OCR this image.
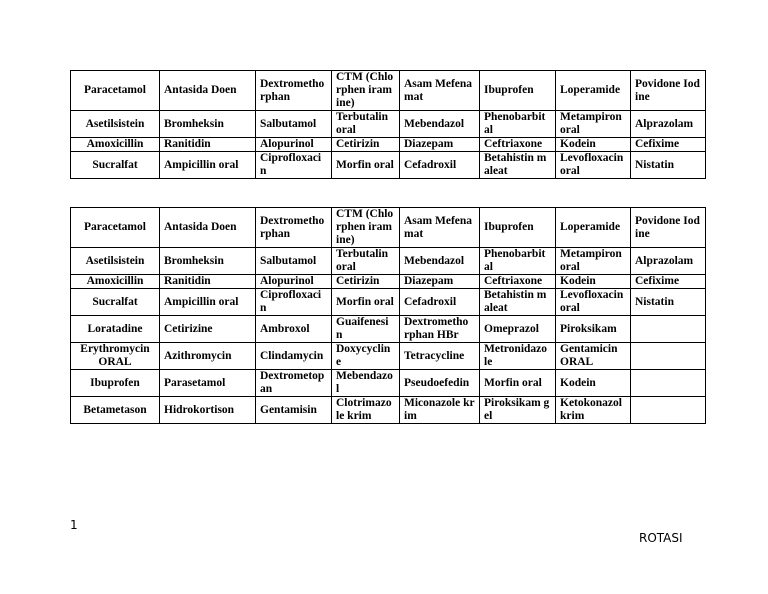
Paracetamol	Antasida Doen	Dextrometho rphan	CTM (Chlorphen iramine)	Asam Mefenamat	Ibuprofen	Loperamide	Povidone Iodine
Asetilsistein	Bromheksin	Salbutamol	Terbutalin oral	Mebendazol	Phenobarbit al	Metampiron oral	Alprazolam
Amoxicillin	Ranitidin	Alopurinol	Cetirizin	Diazepam	Ceftriaxone	Kodein	Cefixime
Sucralfat	Ampicillin oral	Ciprofloxaci n	Morfin oral	Cefadroxil	Betahistin maleat	Levofloxacin oral	Nistatin
Paracetamol	Antasida Doen	Dextrometho rphan	CTM (Chlorphen iramine)	Asam Mefenamat	Ibuprofen	Loperamide	Povidone Iodine
Asetilsistein	Bromheksin	Salbutamol	Terbutalin oral	Mebendazol	Phenobarbit al	Metampiron oral	Alprazolam
Amoxicillin	Ranitidin	Alopurinol	Cetirizin	Diazepam	Ceftriaxone	Kodein	Cefixime
Sucralfat	Ampicillin oral	Ciprofloxaci n	Morfin oral	Cefadroxil	Betahistin maleat	Levofloxacin oral	Nistatin
Loratadine	Cetirizine	Ambroxol	Guaifenesi n	Dextrometho rphan HBr	Omeprazol	Piroksikam	
Erythromycin ORAL	Azithromycin	Clindamycin	Doxycyclin e	Tetracycline	Metronidazo le	Gentamicin ORAL	
Ibuprofen	Parasetamol	Dextrometop an	Mebendazo l	Pseudoefedin	Morfin oral	Kodein	
Betametason	Hidrokortison	Gentamisin	Clotrimazo le krim	Miconazole krim	Piroksikam gel	Ketokonazol krim	
1
ROTASI
